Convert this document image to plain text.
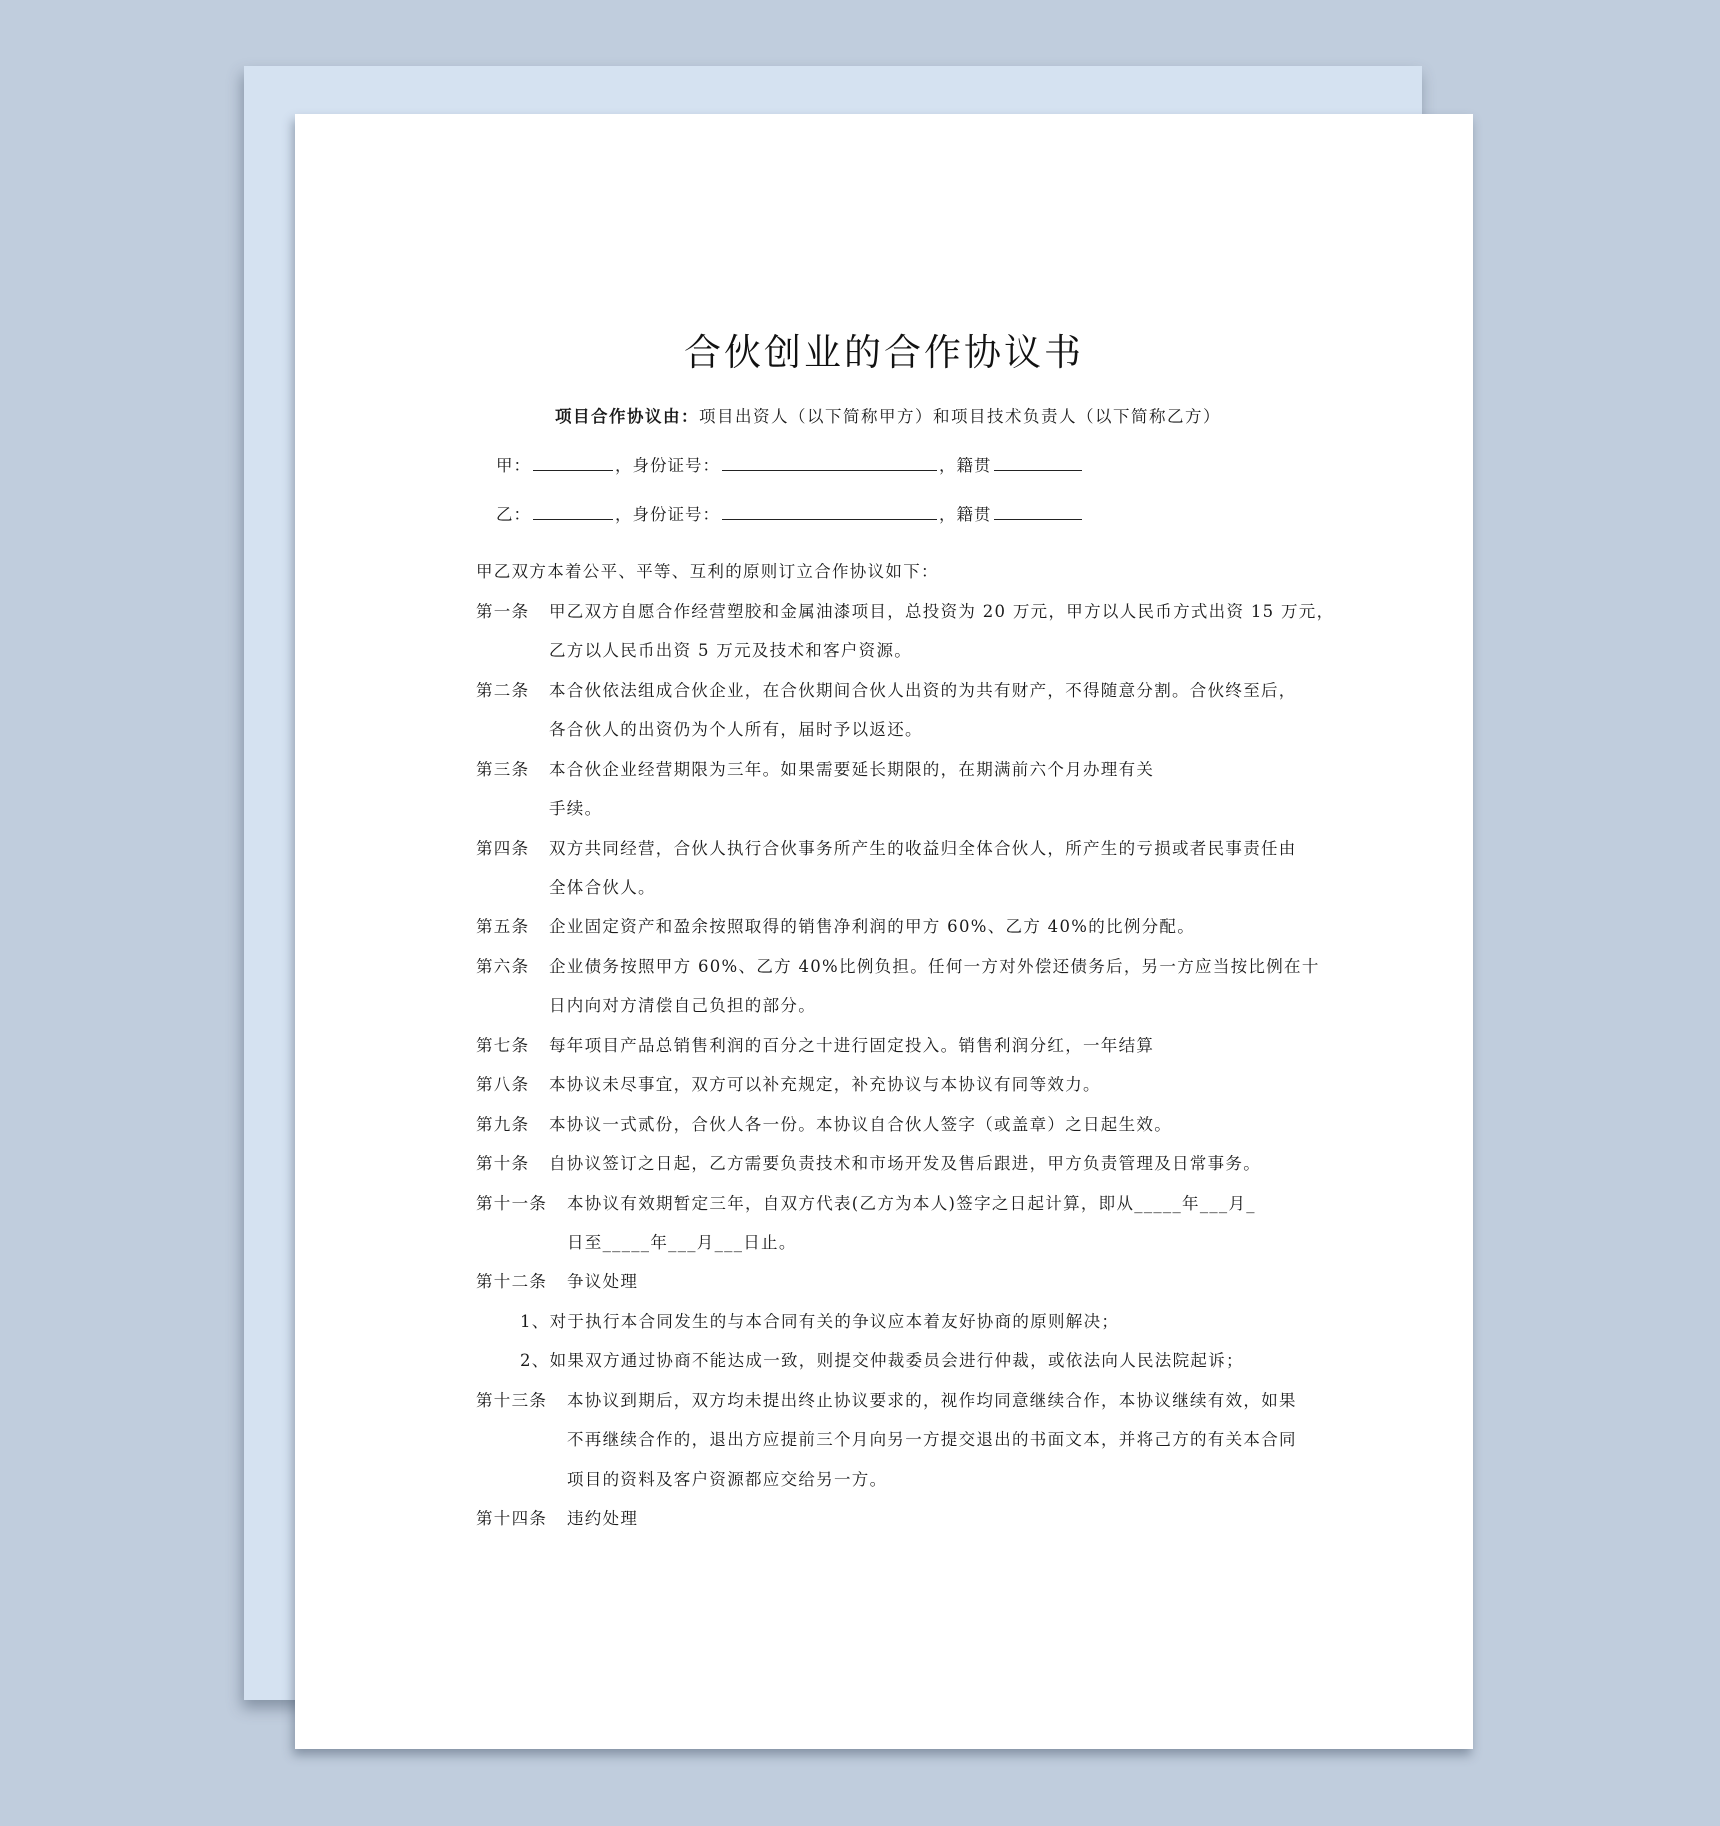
合伙创业的合作协议书
项目合作协议由：项目出资人（以下简称甲方）和项目技术负责人（以下简称乙方）
甲：	，身份证号：	，籍贯
乙：	，身份证号：	，籍贯
甲乙双方本着公平、平等、互利的原则订立合作协议如下：
第一条 甲乙双方自愿合作经营塑胶和金属油漆项目，总投资为 20 万元，甲方以人民币方式出资 15 万元，
乙方以人民币出资 5 万元及技术和客户资源。
第二条 本合伙依法组成合伙企业，在合伙期间合伙人出资的为共有财产，不得随意分割。合伙终至后，
各合伙人的出资仍为个人所有，届时予以返还。
第三条 本合伙企业经营期限为三年。如果需要延长期限的，在期满前六个月办理有关
手续。
第四条 双方共同经营，合伙人执行合伙事务所产生的收益归全体合伙人，所产生的亏损或者民事责任由
全体合伙人。
第五条 企业固定资产和盈余按照取得的销售净利润的甲方 60%、乙方 40%的比例分配。
第六条 企业债务按照甲方 60%、乙方 40%比例负担。任何一方对外偿还债务后，另一方应当按比例在十
日内向对方清偿自己负担的部分。
第七条 每年项目产品总销售利润的百分之十进行固定投入。销售利润分红，一年结算
第八条 本协议未尽事宜，双方可以补充规定，补充协议与本协议有同等效力。
第九条 本协议一式贰份，合伙人各一份。本协议自合伙人签字（或盖章）之日起生效。
第十条 自协议签订之日起，乙方需要负责技术和市场开发及售后跟进，甲方负责管理及日常事务。
第十一条 本协议有效期暂定三年，自双方代表(乙方为本人)签字之日起计算，即从_____年___月_
日至_____年___月___日止。
第十二条 争议处理
1、对于执行本合同发生的与本合同有关的争议应本着友好协商的原则解决；
2、如果双方通过协商不能达成一致，则提交仲裁委员会进行仲裁，或依法向人民法院起诉；
第十三条 本协议到期后，双方均未提出终止协议要求的，视作均同意继续合作，本协议继续有效，如果
不再继续合作的，退出方应提前三个月向另一方提交退出的书面文本，并将己方的有关本合同
项目的资料及客户资源都应交给另一方。
第十四条 违约处理
